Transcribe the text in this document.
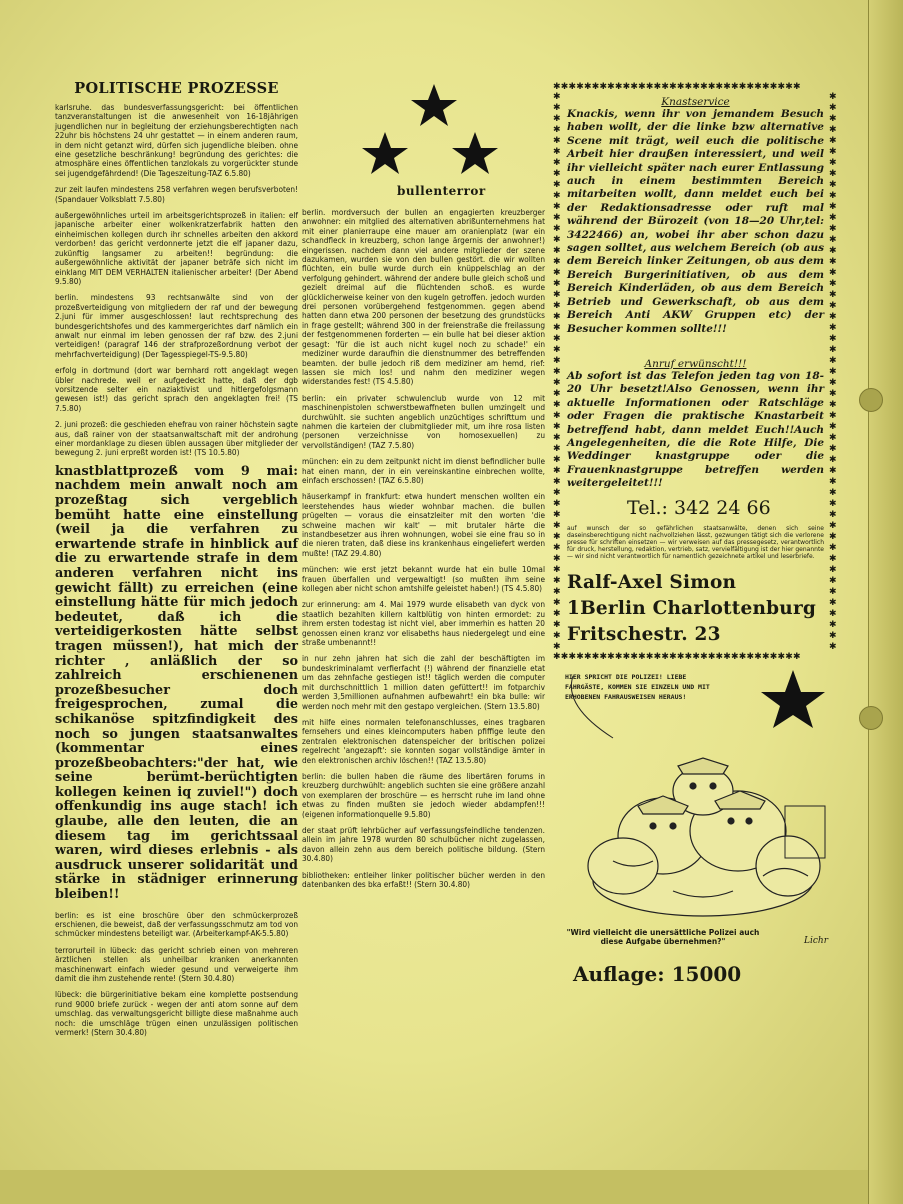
POLITISCHE PROZESSE

karlsruhe. das bundesverfassungsgericht: bei öffentlichen tanzveranstaltungen ist die anwesenheit von 16-18jährigen jugendlichen nur in begleitung der erziehungsberechtigten nach 22uhr bis höchstens 24 uhr gestattet — in einem anderen raum, in dem nicht getanzt wird, dürfen sich jugendliche bleiben. ohne eine gesetzliche beschränkung! begründung des gerichtes: die atmosphäre eines öffentlichen tanzlokals zu vorgerückter stunde sei jugendgefährdend! (Die Tageszeitung-TAZ 6.5.80)

zur zeit laufen mindestens 258 verfahren wegen berufsverboten! (Spandauer Volksblatt 7.5.80)

außergewöhnliches urteil im arbeitsgerichtsprozeß in italien: elf japanische arbeiter einer wolkenkratzerfabrik hatten den einheimischen kollegen durch ihr schnelles arbeiten den akkord verdorben! das gericht verdonnerte jetzt die elf japaner dazu, zukünftig langsamer zu arbeiten!! begründung: die außergewöhnliche aktivität der japaner beträfe sich nicht im einklang MIT DEM VERHALTEN italienischer arbeiter! (Der Abend 9.5.80)

berlin. mindestens 93 rechtsanwälte sind von der prozeßverteidigung von mitgliedern der raf und der bewegung 2.juni für immer ausgeschlossen! laut rechtsprechung des bundesgerichtshofes und des kammergerichtes darf nämlich ein anwalt nur einmal im leben genossen der raf bzw. des 2.juni verteidigen! (paragraf 146 der strafprozeßordnung verbot der mehrfachverteidigung) (Der Tagesspiegel-TS-9.5.80)

erfolg in dortmund (dort war bernhard rott angeklagt wegen übler nachrede. weil er aufgedeckt hatte, daß der dgb vorsitzende selter ein naziaktivist und hitlergefolgsmann gewesen ist!) das gericht sprach den angeklagten frei! (TS 7.5.80)

2. juni prozeß: die geschieden ehefrau von rainer höchstein sagte aus, daß rainer von der staatsanwaltschaft mit der androhung einer mordanklage zu diesen üblen aussagen über mitglieder der bewegung 2. juni erpreßt worden ist! (TS 10.5.80)

knastblattprozeß vom 9 mai: nachdem mein anwalt noch am prozeßtag sich vergeblich bemüht hatte eine einstellung (weil ja die verfahren zu erwartende strafe in hinblick auf die zu erwartende strafe in dem anderen verfahren nicht ins gewicht fällt) zu erreichen (eine einstellung hätte für mich jedoch bedeutet, daß ich die verteidigerkosten hätte selbst tragen müssen!), hat mich der richter , anläßlich der so zahlreich erschienenen prozeßbesucher doch freigesprochen, zumal die schikanöse spitzfindigkeit des noch so jungen staatsanwaltes (kommentar eines prozeßbeobachters:"der hat, wie seine berümt-berüchtigten kollegen keinen iq zuviel!") doch offenkundig ins auge stach! ich glaube, alle den leuten, die an diesem tag im gerichtssaal waren, wird dieses erlebnis - als ausdruck unserer solidarität und stärke in städniger erinnerung bleiben!!

berlin: es ist eine broschüre über den schmückerprozeß erschienen, die beweist, daß der verfassungsschmutz am tod von schmücker mindestens beteiligt war. (Arbeiterkampf-AK-5.5.80)

terrorurteil in lübeck: das gericht schrieb einen von mehreren ärztlichen stellen als unheilbar kranken anerkannten maschinenwart einfach wieder gesund und verweigerte ihm damit die ihm zustehende rente! (Stern 30.4.80)

lübeck: die bürgerinitiative bekam eine komplette postsendung rund 9000 briefe zurück - wegen der anti atom sonne auf dem umschlag. das verwaltungsgericht billigte diese maßnahme auch noch: die umschläge trügen einen unzulässigen politischen vermerk! (Stern 30.4.80)

bullenterror

berlin. mordversuch der bullen an engagierten kreuzberger anwohner: ein mitglied des alternativen abrißunternehmens hat mit einer planierraupe eine mauer am oranienplatz (war ein schandfleck in kreuzberg, schon lange ärgernis der anwohner!) eingerissen. nachdem dann viel andere mitglieder der szene dazukamen, wurden sie von den bullen gestört. die wir wollten flüchten, ein bulle wurde durch ein knüppelschlag an der verfolgung gehindert. während der andere bulle gleich schoß und gezielt dreimal auf die flüchtenden schoß. es wurde glücklicherweise keiner von den kugeln getroffen. jedoch wurden drei personen vorübergehend festgenommen. gegen abend hatten dann etwa 200 personen der besetzung des grundstücks in frage gestellt; während 300 in der freienstraße die freilassung der festgenommenen forderten — ein bulle hat bei dieser aktion gesagt: 'für die ist auch nicht kugel noch zu schade!' ein mediziner wurde daraufhin die dienstnummer des betreffenden beamten. der bulle jedoch riß dem mediziner am hemd, rief: lassen sie mich los! und nahm den mediziner wegen widerstandes fest! (TS 4.5.80)

berlin: ein privater schwulenclub wurde von 12 mit maschinenpistolen schwerstbewaffneten bullen umzingelt und durchwühlt. sie suchten angeblich unzüchtiges schrifttum und nahmen die karteien der clubmitglieder mit, um ihre rosa listen (personen verzeichnisse von homosexuellen) zu vervollständigen! (TAZ 7.5.80)

münchen: ein zu dem zeitpunkt nicht im dienst befindlicher bulle hat einen mann, der in ein vereinskantine einbrechen wollte, einfach erschossen! (TAZ 6.5.80)

häuserkampf in frankfurt: etwa hundert menschen wollten ein leerstehendes haus wieder wohnbar machen. die bullen prügelten — voraus die einsatzleiter mit den worten 'die schweine machen wir kalt' — mit brutaler härte die instandbesetzer aus ihren wohnungen, wobei sie eine frau so in die nieren traten, daß diese ins krankenhaus eingeliefert werden mußte! (TAZ 29.4.80)

münchen: wie erst jetzt bekannt wurde hat ein bulle 10mal frauen überfallen und vergewaltigt! (so mußten ihm seine kollegen aber nicht schon amtshilfe geleistet haben!) (TS 4.5.80)

zur erinnerung: am 4. Mai 1979 wurde elisabeth van dyck von staatlich bezahlten killern kaltblütig von hinten ermordet: zu ihrem ersten todestag ist nicht viel, aber immerhin es hatten 20 genossen einen kranz vor elisabeths haus niedergelegt und eine straße umbenannt!!

in nur zehn jahren hat sich die zahl der beschäftigten im bundeskriminalamt verfierfacht (!) während der finanzielle etat um das zehnfache gestiegen ist!! täglich werden die computer mit durchschnittlich 1 million daten gefüttert!! im fotparchiv werden 3,5millionen aufnahmen aufbewahrt! ein bka bulle: wir werden noch mehr mit den gestapo vergleichen. (Stern 13.5.80)

mit hilfe eines normalen telefonanschlusses, eines tragbaren fernsehers und eines kleincomputers haben pfiffige leute den zentralen elektronischen datenspeicher der britischen polizei regelrecht 'angezapft': sie konnten sogar vollständige ämter in den elektronischen archiv löschen!! (TAZ 13.5.80)

berlin: die bullen haben die räume des libertären forums in kreuzberg durchwühlt: angeblich suchten sie eine größere anzahl von exemplaren der broschüre — es herrscht ruhe im land ohne etwas zu finden mußten sie jedoch wieder abdampfen!!! (eigenen informationquelle 9.5.80)

der staat prüft lehrbücher auf verfassungsfeindliche tendenzen. allein im jahre 1978 wurden 80 schulbücher nicht zugelassen, davon allein zehn aus dem bereich politische bildung. (Stern 30.4.80)

bibliotheken: entleiher linker politischer bücher werden in den datenbanken des bka erfaßt!! (Stern 30.4.80)

✱✱✱✱✱✱✱✱✱✱✱✱✱✱✱✱✱✱✱✱✱✱✱✱✱✱✱✱✱✱✱✱
Knastservice
Knackis, wenn ihr von jemandem Besuch haben wollt, der die linke bzw alternative Scene mit trägt, weil euch die politische Arbeit hier draußen interessiert, und weil ihr vielleicht später nach eurer Entlassung auch in einem bestimmten Bereich mitarbeiten wollt, dann meldet euch bei der Redaktionsadresse oder ruft mal während der Bürozeit (von 18—20 Uhr,tel: 3422466) an, wobei ihr aber schon dazu sagen solltet, aus welchem Bereich (ob aus dem Bereich linker Zeitungen, ob aus dem Bereich Burgerinitiativen, ob aus dem Bereich Kinderläden, ob aus dem Bereich Betrieb und Gewerkschaft, ob aus dem Bereich Anti AKW Gruppen etc) der Besucher kommen sollte!!!
Anruf erwünscht!!!
Ab sofort ist das Telefon jeden tag von 18-20 Uhr besetzt!Also Genossen, wenn ihr aktuelle Informationen oder Ratschläge oder Fragen die praktische Knastarbeit betreffend habt, dann meldet Euch!!Auch Angelegenheiten, die die Rote Hilfe, Die Weddinger knastgruppe oder die Frauenknastgruppe betreffen werden weitergeleitet!!!
Tel.: 342 24 66
auf wunsch der so gefährlichen staatsanwälte, denen sich seine daseinsberechtigung nicht nachvollziehen lässt, gezwungen tätigt sich die verlorene presse für schriften einsetzen — wir verweisen auf das pressegesetz, verantwortlich für druck, herstellung, redaktion, vertrieb, satz, vervielfältigung ist der hier genannte — wir sind nicht verantwortlich für namentlich gezeichnete artikel und leserbriefe.
Ralf-Axel Simon
1Berlin Charlottenburg
Fritschestr. 23
✱✱✱✱✱✱✱✱✱✱✱✱✱✱✱✱✱✱✱✱✱✱✱✱✱✱✱✱✱✱✱✱✱✱✱✱✱✱✱✱✱✱✱✱✱✱✱✱✱✱✱
✱✱✱✱✱✱✱✱✱✱✱✱✱✱✱✱✱✱✱✱✱✱✱✱✱✱✱✱✱✱✱✱✱✱✱✱✱✱✱✱✱✱✱✱✱✱✱✱✱✱✱
✱✱✱✱✱✱✱✱✱✱✱✱✱✱✱✱✱✱✱✱✱✱✱✱✱✱✱✱✱✱✱✱
HIER SPRICHT DIE POLIZEI! LIEBE FAHRGÄSTE, KOMMEN SIE EINZELN UND MIT ERHOBENEN FAHRAUSWEISEN HERAUS!
"Wird vielleicht die unersättliche Polizei auch diese Aufgabe übernehmen?"	Lichr
Auflage: 15000
